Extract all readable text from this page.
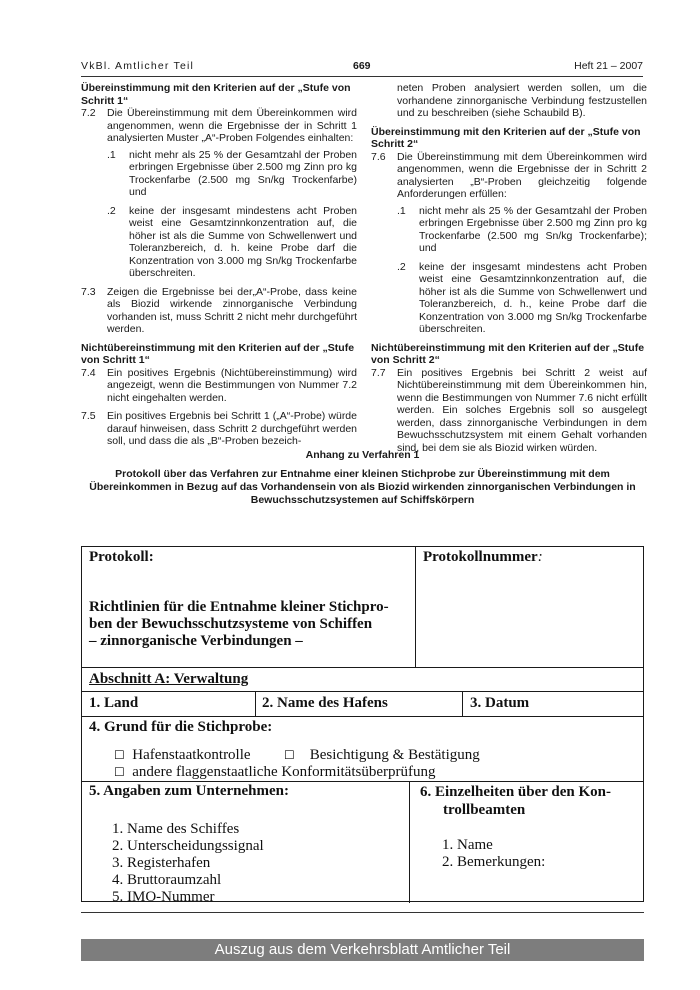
VkBl. Amtlicher Teil	669	Heft 21 – 2007

Übereinstimmung mit den Kriterien auf der „Stufe von Schritt 1“

7.2	Die Übereinstimmung mit dem Übereinkommen wird angenommen, wenn die Ergebnisse der in Schritt 1 analysierten Muster „A“-Proben Folgendes einhalten:
.1	nicht mehr als 25 % der Gesamtzahl der Proben erbringen Ergebnisse über 2.500 mg Zinn pro kg Trockenfarbe (2.500 mg Sn/kg Trockenfarbe) und
.2	keine der insgesamt mindestens acht Proben weist eine Gesamtzinnkonzentration auf, die höher ist als die Summe von Schwellenwert und Toleranzbereich, d. h. keine Probe darf die Konzentration von 3.000 mg Sn/kg Trockenfarbe überschreiten.
7.3	Zeigen die Ergebnisse bei der„A“-Probe, dass keine als Biozid wirkende zinnorganische Verbindung vorhanden ist, muss Schritt 2 nicht mehr durchgeführt werden.

Nichtübereinstimmung mit den Kriterien auf der „Stufe von Schritt 1“

7.4	Ein positives Ergebnis (Nichtübereinstimmung) wird angezeigt, wenn die Bestimmungen von Nummer 7.2 nicht eingehalten werden.
7.5	Ein positives Ergebnis bei Schritt 1 („A“-Probe) würde darauf hinweisen, dass Schritt 2 durchgeführt werden soll, und dass die als „B“-Proben bezeich-
neten Proben analysiert werden sollen, um die vorhandene zinnorganische Verbindung festzustellen und zu beschreiben (siehe Schaubild B).

Übereinstimmung mit den Kriterien auf der „Stufe von Schritt 2“

7.6	Die Übereinstimmung mit dem Übereinkommen wird angenommen, wenn die Ergebnisse der in Schritt 2 analysierten „B“-Proben gleichzeitig folgende Anforderungen erfüllen:
.1	nicht mehr als 25 % der Gesamtzahl der Proben erbringen Ergebnisse über 2.500 mg Zinn pro kg Trockenfarbe (2.500 mg Sn/kg Trockenfarbe); und
.2	keine der insgesamt mindestens acht Proben weist eine Gesamtzinnkonzentration auf, die höher ist als die Summe von Schwellenwert und Toleranzbereich, d. h., keine Probe darf die Konzentration von 3.000 mg Sn/kg Trockenfarbe überschreiten.

Nichtübereinstimmung mit den Kriterien auf der „Stufe von Schritt 2“

7.7	Ein positives Ergebnis bei Schritt 2 weist auf Nichtübereinstimmung mit dem Übereinkommen hin, wenn die Bestimmungen von Nummer 7.6 nicht erfüllt werden. Ein solches Ergebnis soll so ausgelegt werden, dass zinnorganische Verbindungen in dem Bewuchsschutzsystem mit einem Gehalt vorhanden sind, bei dem sie als Biozid wirken würden.

Anhang zu Verfahren 1

Protokoll über das Verfahren zur Entnahme einer kleinen Stichprobe zur Übereinstimmung mit dem Übereinkommen in Bezug auf das Vorhandensein von als Biozid wirkenden zinnorganischen Verbindungen in Bewuchsschutzsystemen auf Schiffskörpern

Protokoll:
Richtlinien für die Entnahme kleiner Stichpro-
ben der Bewuchsschutzsysteme von Schiffen
– zinnorganische Verbindungen –
Protokollnummer:
Abschnitt A: Verwaltung
1. Land	2. Name des Hafens	3. Datum
4. Grund für die Stichprobe:
☐ Hafenstaatkontrolle	☐ Besichtigung & Bestätigung
☐ andere flaggenstaatliche Konformitätsüberprüfung
5. Angaben zum Unternehmen:
1. Name des Schiffes
2. Unterscheidungssignal
3. Registerhafen
4. Bruttoraumzahl
5. IMO-Nummer
6. Einzelheiten über den Kon-
trollbeamten
1. Name
2. Bemerkungen:
Auszug aus dem Verkehrsblatt Amtlicher Teil
